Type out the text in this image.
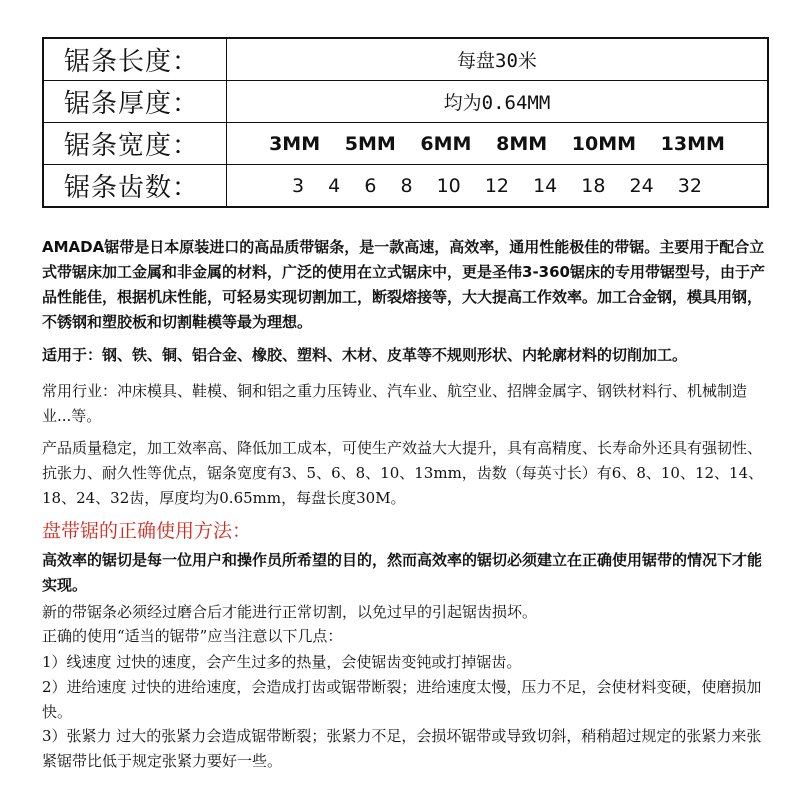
锯条长度：	每盘30米
锯条厚度：	均为0.64MM
锯条宽度：	3MM 5MM 6MM 8MM 10MM 13MM
锯条齿数：	3 4 6 8 10 12 14 18 24 32

AMADA锯带是日本原装进口的高品质带锯条，是一款高速，高效率，通用性能极佳的带锯。主要用于配合立式带锯床加工金属和非金属的材料，广泛的使用在立式锯床中，更是圣伟3-360锯床的专用带锯型号，由于产品性能佳，根据机床性能，可轻易实现切割加工，断裂熔接等，大大提高工作效率。加工合金钢，模具用钢，不锈钢和塑胶板和切割鞋模等最为理想。

适用于：钢、铁、铜、铝合金、橡胶、塑料、木材、皮革等不规则形状、内轮廓材料的切削加工。

常用行业：冲床模具、鞋模、铜和铝之重力压铸业、汽车业、航空业、招牌金属字、钢铁材料行、机械制造业...等。

产品质量稳定，加工效率高、降低加工成本，可使生产效益大大提升，具有高精度、长寿命外还具有强韧性、抗张力、耐久性等优点，锯条宽度有3、5、6、8、10、13mm，齿数（每英寸长）有6、8、10、12、14、18、24、32齿，厚度均为0.65mm，每盘长度30M。

盘带锯的正确使用方法：

高效率的锯切是每一位用户和操作员所希望的目的，然而高效率的锯切必须建立在正确使用锯带的情况下才能实现。

新的带锯条必须经过磨合后才能进行正常切割，以免过早的引起锯齿损坏。

正确的使用“适当的锯带”应当注意以下几点：

1）线速度 过快的速度，会产生过多的热量，会使锯齿变钝或打掉锯齿。

2）进给速度 过快的进给速度，会造成打齿或锯带断裂；进给速度太慢，压力不足，会使材料变硬，使磨损加快。

3）张紧力 过大的张紧力会造成锯带断裂；张紧力不足，会损坏锯带或导致切斜，稍稍超过规定的张紧力来张紧锯带比低于规定张紧力要好一些。
